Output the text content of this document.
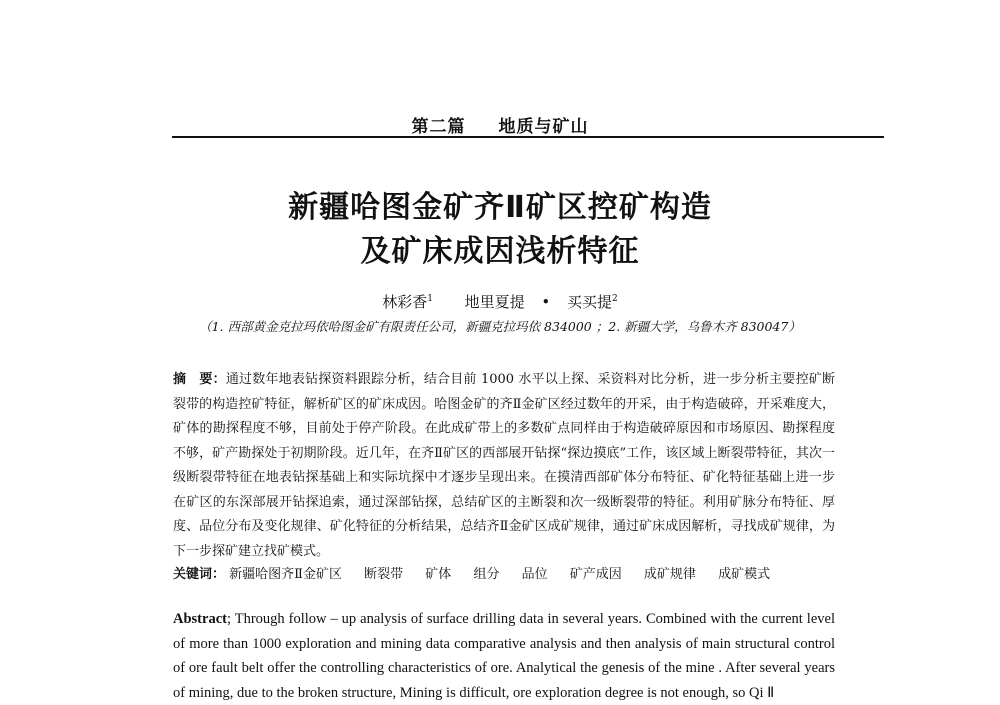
第二篇 地质与矿山
新疆哈图金矿齐Ⅱ矿区控矿构造
及矿床成因浅析特征
林彩香$^1$ 地里夏提 • 买买提$^2$
（1. 西部黄金克拉玛依哈图金矿有限责任公司，新疆克拉玛依 834000 ；2. 新疆大学，乌鲁木齐 830047）

摘　要：通过数年地表钻探资料跟踪分析，结合目前 1000 水平以上探、采资料对比分析，进一步分析主要控矿断裂带的构造控矿特征，解析矿区的矿床成因。哈图金矿的齐Ⅱ金矿区经过数年的开采，由于构造破碎，开采难度大，矿体的勘探程度不够，目前处于停产阶段。在此成矿带上的多数矿点同样由于构造破碎原因和市场原因、勘探程度不够，矿产勘探处于初期阶段。近几年，在齐Ⅱ矿区的西部展开钻探“探边摸底”工作，该区域上断裂带特征，其次一级断裂带特征在地表钻探基础上和实际坑探中才逐步呈现出来。在摸清西部矿体分布特征、矿化特征基础上进一步在矿区的东深部展开钻探追索，通过深部钻探，总结矿区的主断裂和次一级断裂带的特征。利用矿脉分布特征、厚度、品位分布及变化规律、矿化特征的分析结果，总结齐Ⅱ金矿区成矿规律，通过矿床成因解析，寻找成矿规律，为下一步探矿建立找矿模式。

关键词： 新疆哈图齐Ⅱ金矿区 断裂带 矿体 组分 品位 矿产成因 成矿规律 成矿模式

Abstract; Through follow – up analysis of surface drilling data in several years. Combined with the current level of more than 1000 exploration and mining data comparative analysis and then analysis of main structural control of ore fault belt offer the controlling characteristics of ore. Analytical the genesis of the mine . After several years of mining, due to the broken structure, Mining is difficult, ore exploration degree is not enough, so Qi Ⅱ
